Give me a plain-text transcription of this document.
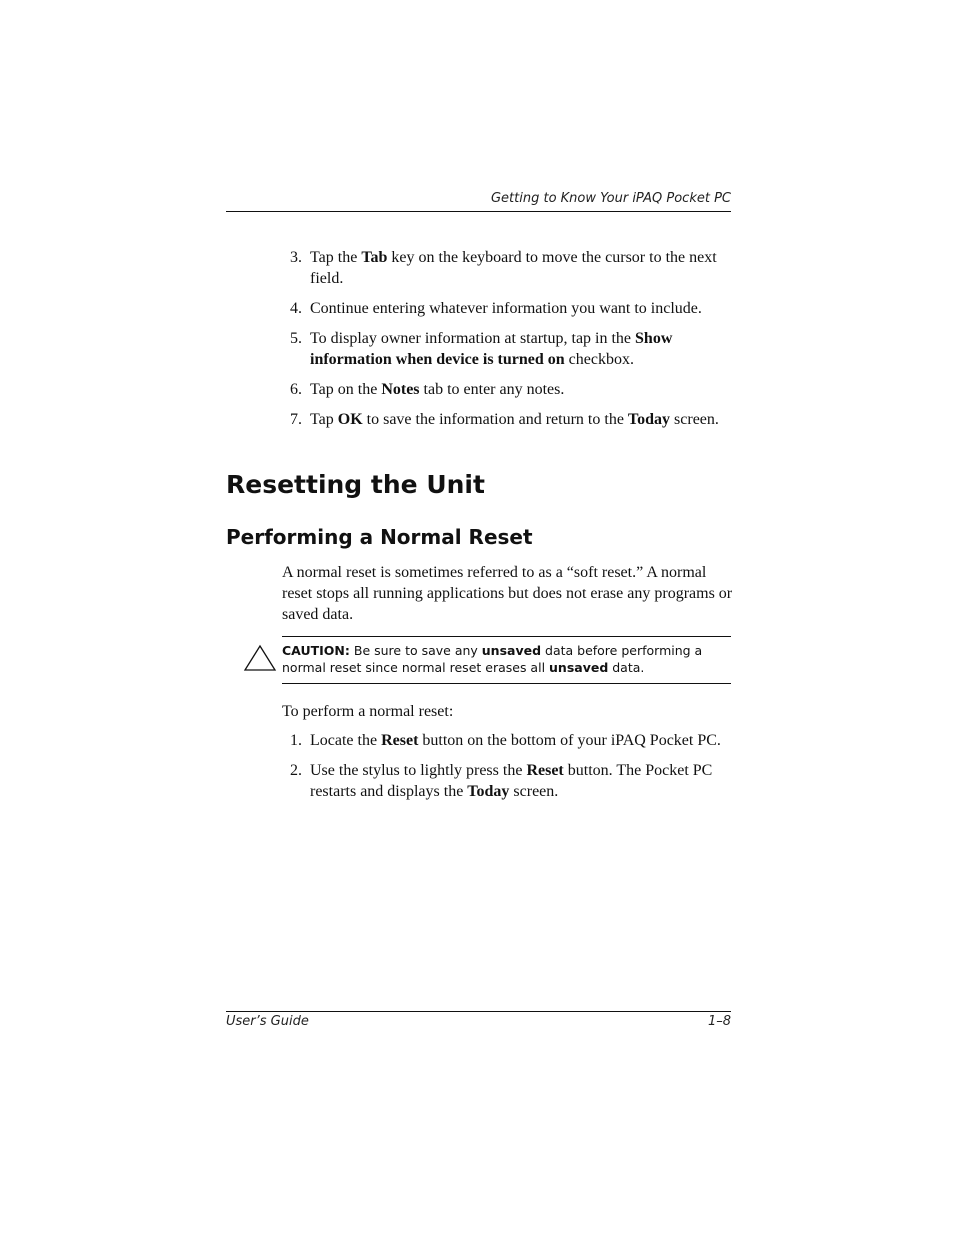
Getting to Know Your iPAQ Pocket PC
3. Tap the Tab key on the keyboard to move the cursor to the next field.
4. Continue entering whatever information you want to include.
5. To display owner information at startup, tap in the Show information when device is turned on checkbox.
6. Tap on the Notes tab to enter any notes.
7. Tap OK to save the information and return to the Today screen.
Resetting the Unit
Performing a Normal Reset

A normal reset is sometimes referred to as a “soft reset.” A normal reset stops all running applications but does not erase any programs or saved data.

CAUTION: Be sure to save any unsaved data before performing a normal reset since normal reset erases all unsaved data.

To perform a normal reset:

1. Locate the Reset button on the bottom of your iPAQ Pocket PC.
2. Use the stylus to lightly press the Reset button. The Pocket PC restarts and displays the Today screen.
User’s Guide	1–8
